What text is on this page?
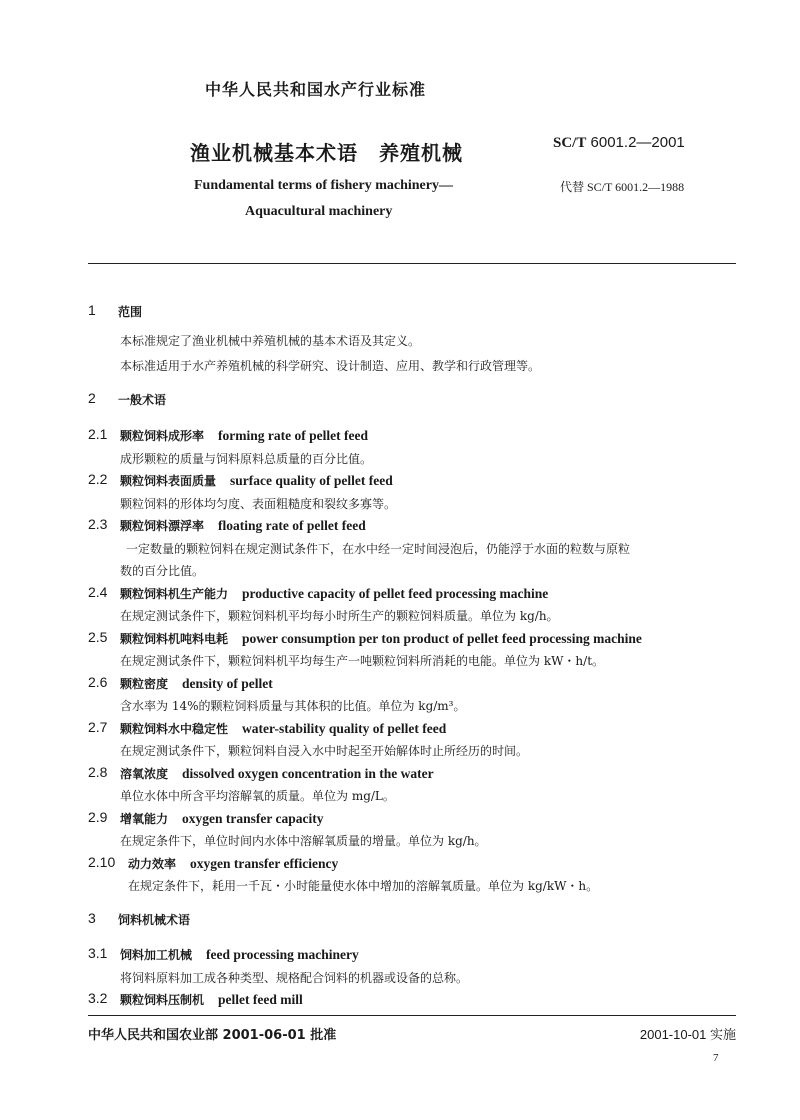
中华人民共和国水产行业标准
渔业机械基本术语　养殖机械	SC/T 6001.2—2001
代替 SC/T 6001.2—1988
Fundamental terms of fishery machinery—
Aquacultural machinery
1 范围
本标准规定了渔业机械中养殖机械的基本术语及其定义。
本标准适用于水产养殖机械的科学研究、设计制造、应用、教学和行政管理等。
2 一般术语
2.1 颗粒饲料成形率 forming rate of pellet feed
成形颗粒的质量与饲料原料总质量的百分比值。
2.2 颗粒饲料表面质量 surface quality of pellet feed
颗粒饲料的形体均匀度、表面粗糙度和裂纹多寡等。
2.3 颗粒饲料漂浮率 floating rate of pellet feed
一定数量的颗粒饲料在规定测试条件下，在水中经一定时间浸泡后，仍能浮于水面的粒数与原粒
数的百分比值。
2.4 颗粒饲料机生产能力 productive capacity of pellet feed processing machine
在规定测试条件下，颗粒饲料机平均每小时所生产的颗粒饲料质量。单位为 kg/h。
2.5 颗粒饲料机吨料电耗 power consumption per ton product of pellet feed processing machine
在规定测试条件下，颗粒饲料机平均每生产一吨颗粒饲料所消耗的电能。单位为 kW・h/t。
2.6 颗粒密度 density of pellet
含水率为 14%的颗粒饲料质量与其体积的比值。单位为 kg/m³。
2.7 颗粒饲料水中稳定性 water-stability quality of pellet feed
在规定测试条件下，颗粒饲料自浸入水中时起至开始解体时止所经历的时间。
2.8 溶氧浓度 dissolved oxygen concentration in the water
单位水体中所含平均溶解氧的质量。单位为 mg/L。
2.9 增氧能力 oxygen transfer capacity
在规定条件下，单位时间内水体中溶解氧质量的增量。单位为 kg/h。
2.10 动力效率 oxygen transfer efficiency
在规定条件下，耗用一千瓦・小时能量使水体中增加的溶解氧质量。单位为 kg/kW・h。
3 饲料机械术语
3.1 饲料加工机械 feed processing machinery
将饲料原料加工成各种类型、规格配合饲料的机器或设备的总称。
3.2 颗粒饲料压制机 pellet feed mill
中华人民共和国农业部 2001-06-01 批准	2001-10-01 实施
7
